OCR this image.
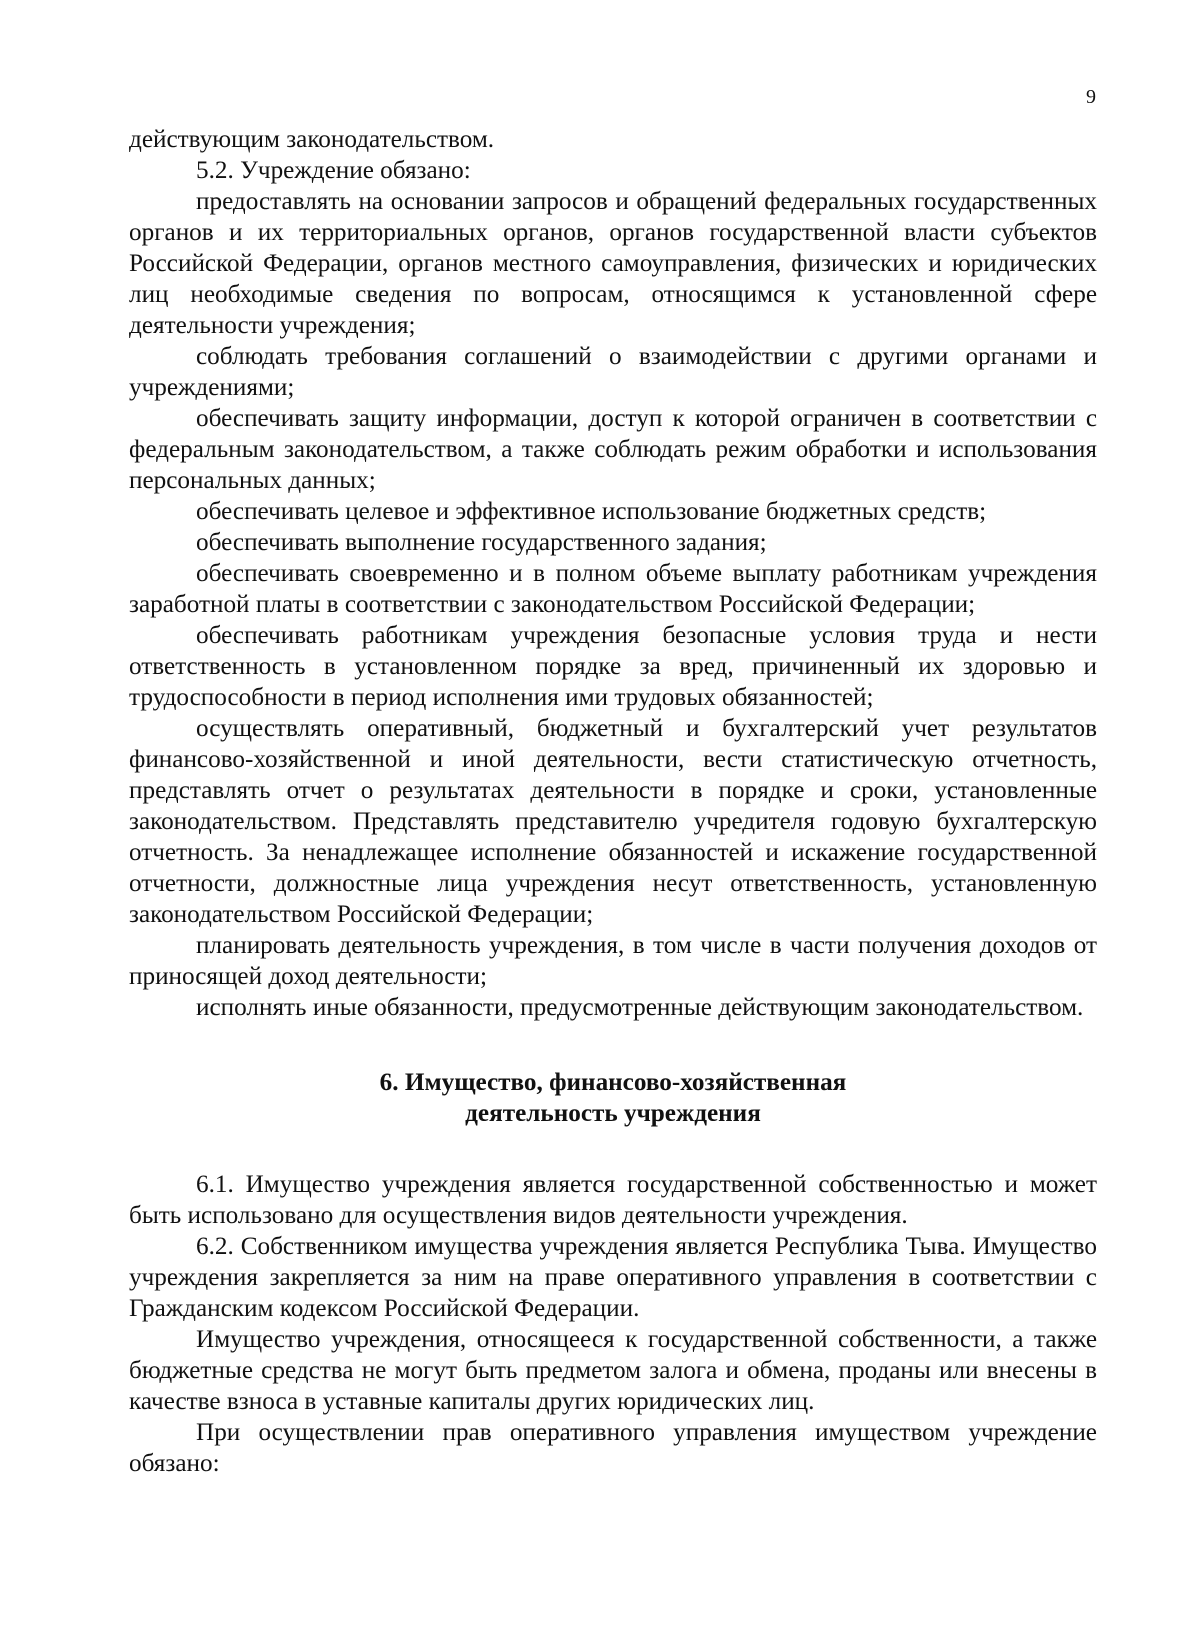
9

действующим законодательством.

5.2. Учреждение обязано:

предоставлять на основании запросов и обращений федеральных государственных органов и их территориальных органов, органов государственной власти субъектов Российской Федерации, органов местного самоуправления, физических и юридических лиц необходимые сведения по вопросам, относящимся к установленной сфере деятельности учреждения;

соблюдать требования соглашений о взаимодействии с другими органами и учреждениями;

обеспечивать защиту информации, доступ к которой ограничен в соответствии с федеральным законодательством, а также соблюдать режим обработки и использования персональных данных;

обеспечивать целевое и эффективное использование бюджетных средств;

обеспечивать выполнение государственного задания;

обеспечивать своевременно и в полном объеме выплату работникам учреждения заработной платы в соответствии с законодательством Российской Федерации;

обеспечивать работникам учреждения безопасные условия труда и нести ответственность в установленном порядке за вред, причиненный их здоровью и трудоспособности в период исполнения ими трудовых обязанностей;

осуществлять оперативный, бюджетный и бухгалтерский учет результатов финансово-хозяйственной и иной деятельности, вести статистическую отчетность, представлять отчет о результатах деятельности в порядке и сроки, установленные законодательством. Представлять представителю учредителя годовую бухгалтерскую отчетность. За ненадлежащее исполнение обязанностей и искажение государственной отчетности, должностные лица учреждения несут ответственность, установленную законодательством Российской Федерации;

планировать деятельность учреждения, в том числе в части получения доходов от приносящей доход деятельности;

исполнять иные обязанности, предусмотренные действующим законодательством.

6. Имущество, финансово-хозяйственная
деятельность учреждения

6.1. Имущество учреждения является государственной собственностью и может быть использовано для осуществления видов деятельности учреждения.

6.2. Собственником имущества учреждения является Республика Тыва. Имущество учреждения закрепляется за ним на праве оперативного управления в соответствии с Гражданским кодексом Российской Федерации.

Имущество учреждения, относящееся к государственной собственности, а также бюджетные средства не могут быть предметом залога и обмена, проданы или внесены в качестве взноса в уставные капиталы других юридических лиц.

При осуществлении прав оперативного управления имуществом учреждение обязано:
